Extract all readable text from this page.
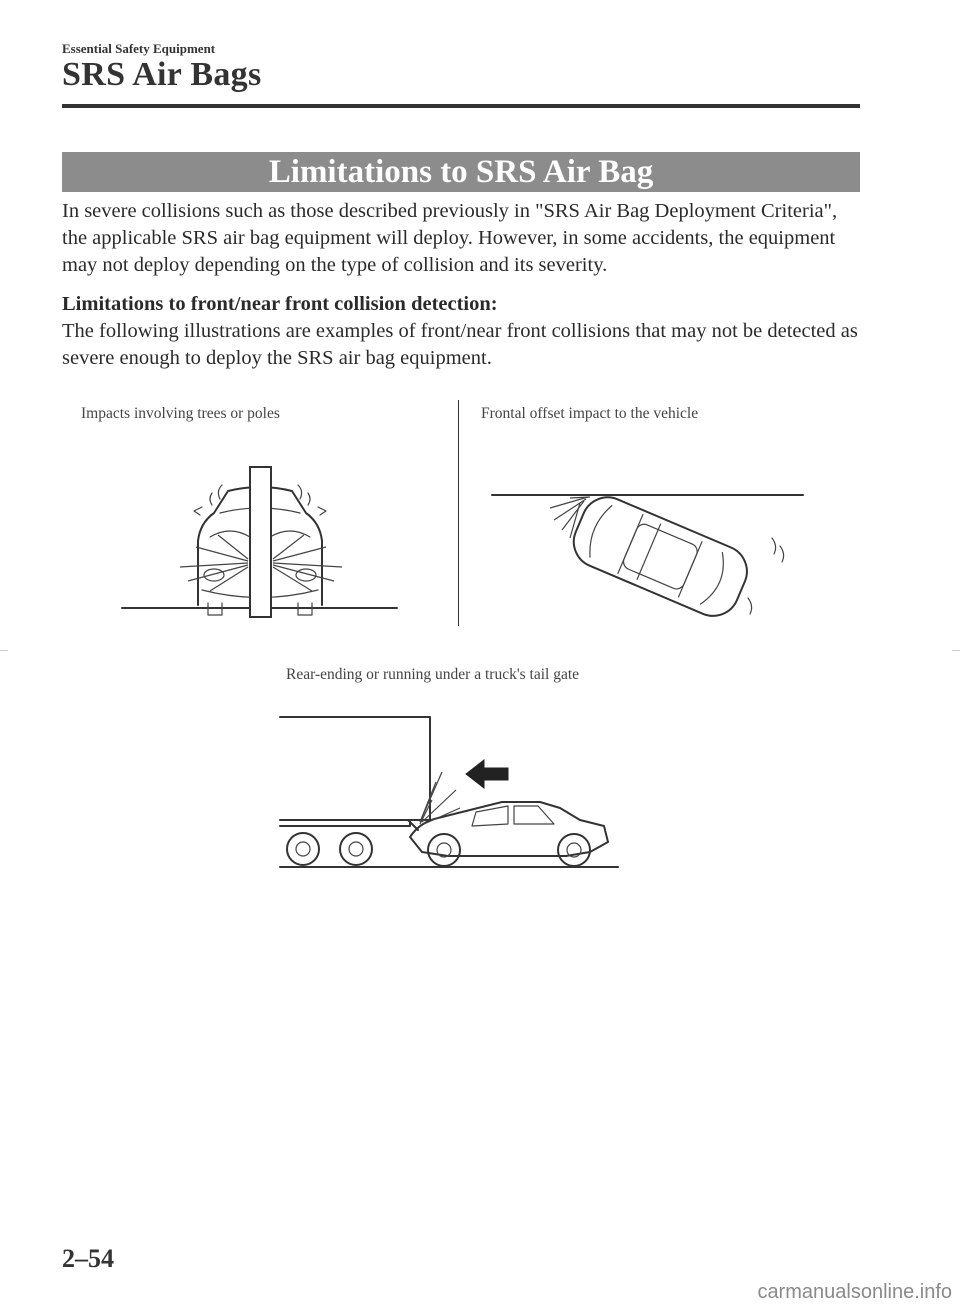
Essential Safety Equipment
SRS Air Bags
Limitations to SRS Air Bag
In severe collisions such as those described previously in "SRS Air Bag Deployment Criteria", the applicable SRS air bag equipment will deploy. However, in some accidents, the equipment may not deploy depending on the type of collision and its severity.
Limitations to front/near front collision detection:
The following illustrations are examples of front/near front collisions that may not be detected as severe enough to deploy the SRS air bag equipment.
Impacts involving trees or poles	Frontal offset impact to the vehicle
Rear-ending or running under a truck's tail gate
2–54
carmanualsonline.info
